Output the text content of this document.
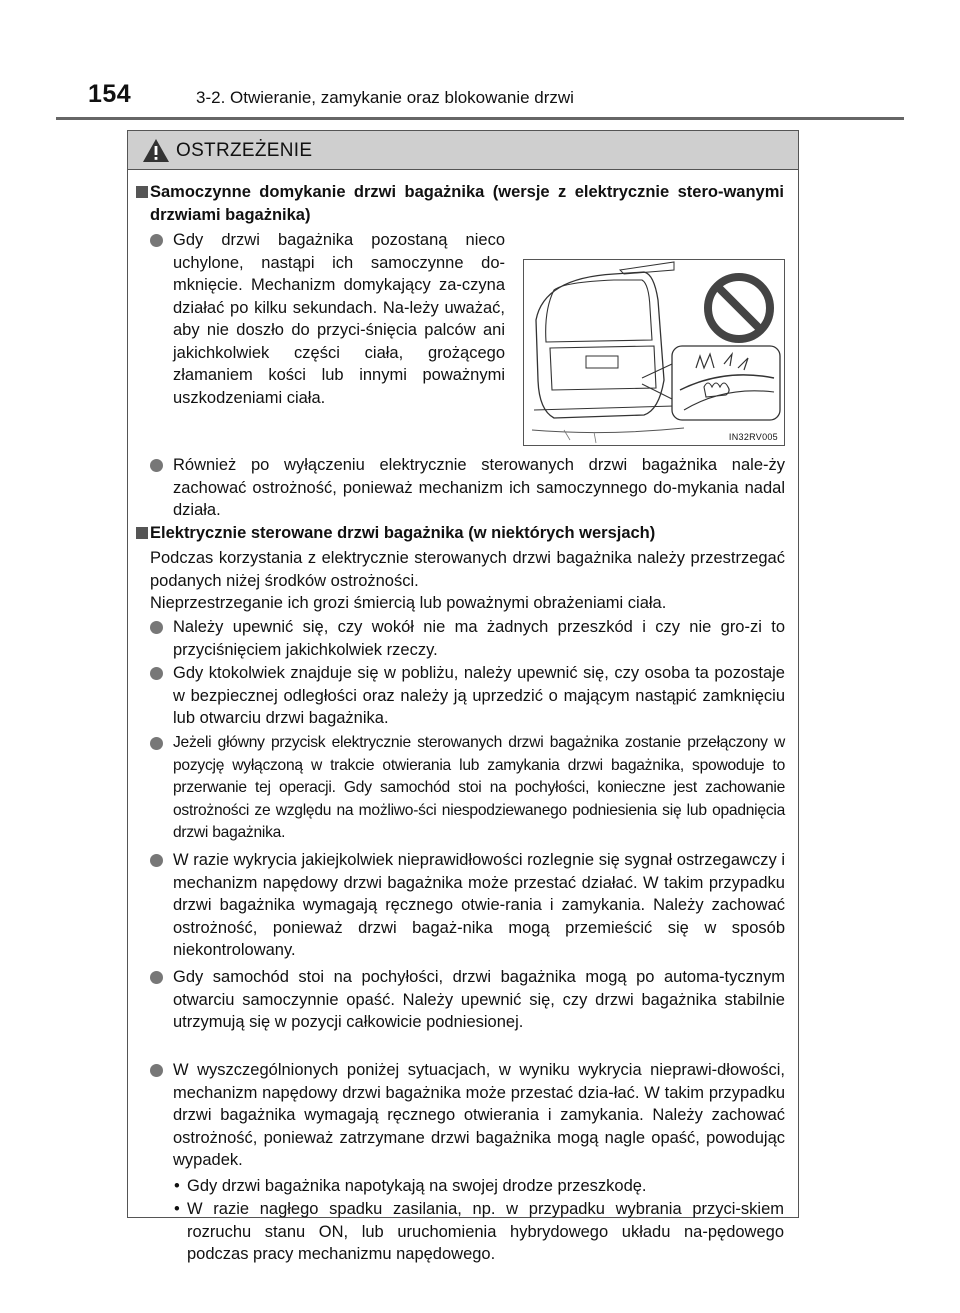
154	3-2. Otwieranie, zamykanie oraz blokowanie drzwi
OSTRZEŻENIE
Samoczynne domykanie drzwi bagażnika (wersje z elektrycznie stero-wanymi drzwiami bagażnika)
Gdy drzwi bagażnika pozostaną nieco uchylone, nastąpi ich samoczynne do-mknięcie. Mechanizm domykający za-czyna działać po kilku sekundach. Na-leży uważać, aby nie doszło do przyci-śnięcia palców ani jakichkolwiek części ciała, grożącego złamaniem kości lub innymi poważnymi uszkodzeniami ciała.
IN32RV005
Również po wyłączeniu elektrycznie sterowanych drzwi bagażnika nale-ży zachować ostrożność, ponieważ mechanizm ich samoczynnego do-mykania nadal działa.
Elektrycznie sterowane drzwi bagażnika (w niektórych wersjach)
Podczas korzystania z elektrycznie sterowanych drzwi bagażnika należy przestrzegać podanych niżej środków ostrożności.
Nieprzestrzeganie ich grozi śmiercią lub poważnymi obrażeniami ciała.
Należy upewnić się, czy wokół nie ma żadnych przeszkód i czy nie gro-zi to przyciśnięciem jakichkolwiek rzeczy.
Gdy ktokolwiek znajduje się w pobliżu, należy upewnić się, czy osoba ta pozostaje w bezpiecznej odległości oraz należy ją uprzedzić o mającym nastąpić zamknięciu lub otwarciu drzwi bagażnika.
Jeżeli główny przycisk elektrycznie sterowanych drzwi bagażnika zostanie przełączony w pozycję wyłączoną w trakcie otwierania lub zamykania drzwi bagażnika, spowoduje to przerwanie tej operacji. Gdy samochód stoi na pochyłości, konieczne jest zachowanie ostrożności ze względu na możliwo-ści niespodziewanego podniesienia się lub opadnięcia drzwi bagażnika.
W razie wykrycia jakiejkolwiek nieprawidłowości rozlegnie się sygnał ostrzegawczy i mechanizm napędowy drzwi bagażnika może przestać działać. W takim przypadku drzwi bagażnika wymagają ręcznego otwie-rania i zamykania. Należy zachować ostrożność, ponieważ drzwi bagaż-nika mogą przemieścić się w sposób niekontrolowany.
Gdy samochód stoi na pochyłości, drzwi bagażnika mogą po automa-tycznym otwarciu samoczynnie opaść. Należy upewnić się, czy drzwi bagażnika stabilnie utrzymują się w pozycji całkowicie podniesionej.
W wyszczególnionych poniżej sytuacjach, w wyniku wykrycia nieprawi-dłowości, mechanizm napędowy drzwi bagażnika może przestać dzia-łać. W takim przypadku drzwi bagażnika wymagają ręcznego otwierania i zamykania. Należy zachować ostrożność, ponieważ zatrzymane drzwi bagażnika mogą nagle opaść, powodując wypadek.
• Gdy drzwi bagażnika napotykają na swojej drodze przeszkodę.
• W razie nagłego spadku zasilania, np. w przypadku wybrania przyci-skiem rozruchu stanu ON, lub uruchomienia hybrydowego układu na-pędowego podczas pracy mechanizmu napędowego.
